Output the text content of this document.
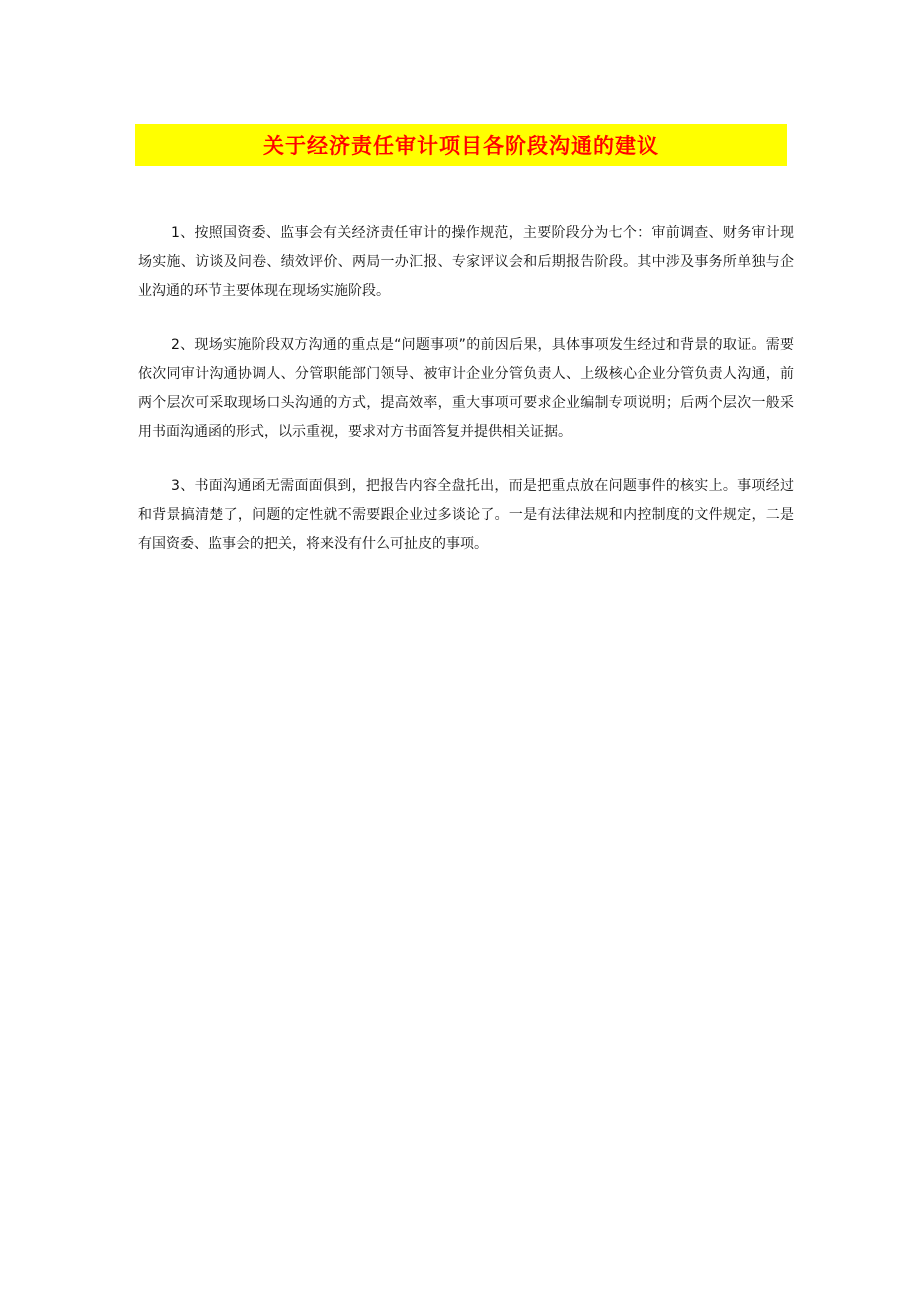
关于经济责任审计项目各阶段沟通的建议

1、按照国资委、监事会有关经济责任审计的操作规范，主要阶段分为七个：审前调查、财务审计现场实施、访谈及问卷、绩效评价、两局一办汇报、专家评议会和后期报告阶段。其中涉及事务所单独与企业沟通的环节主要体现在现场实施阶段。

2、现场实施阶段双方沟通的重点是“问题事项”的前因后果，具体事项发生经过和背景的取证。需要依次同审计沟通协调人、分管职能部门领导、被审计企业分管负责人、上级核心企业分管负责人沟通，前两个层次可采取现场口头沟通的方式，提高效率，重大事项可要求企业编制专项说明；后两个层次一般采用书面沟通函的形式，以示重视，要求对方书面答复并提供相关证据。

3、书面沟通函无需面面俱到，把报告内容全盘托出，而是把重点放在问题事件的核实上。事项经过和背景搞清楚了，问题的定性就不需要跟企业过多谈论了。一是有法律法规和内控制度的文件规定，二是有国资委、监事会的把关，将来没有什么可扯皮的事项。
